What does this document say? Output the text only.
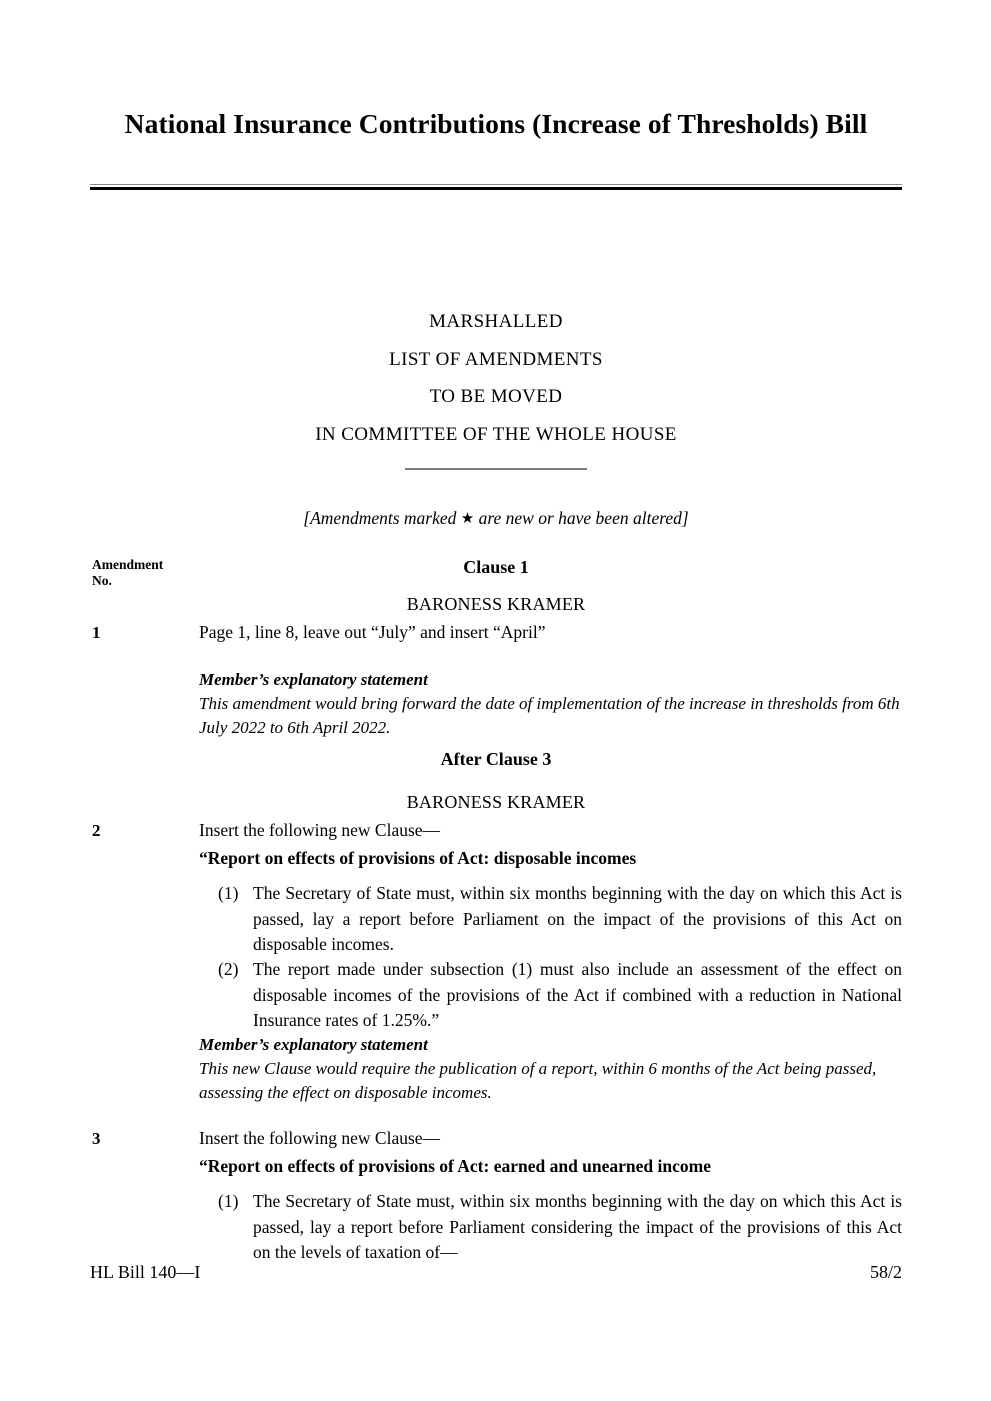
National Insurance Contributions (Increase of Thresholds) Bill
MARSHALLED
LIST OF AMENDMENTS
TO BE MOVED
IN COMMITTEE OF THE WHOLE HOUSE
[Amendments marked ★ are new or have been altered]
Amendment
No.
Clause 1
BARONESS KRAMER
1	Page 1, line 8, leave out “July” and insert “April”
Member’s explanatory statement
This amendment would bring forward the date of implementation of the increase in thresholds from 6th July 2022 to 6th April 2022.
After Clause 3
BARONESS KRAMER
2	Insert the following new Clause—
“Report on effects of provisions of Act: disposable incomes
(1) The Secretary of State must, within six months beginning with the day on which this Act is passed, lay a report before Parliament on the impact of the provisions of this Act on disposable incomes.
(2) The report made under subsection (1) must also include an assessment of the effect on disposable incomes of the provisions of the Act if combined with a reduction in National Insurance rates of 1.25%.”
Member’s explanatory statement
This new Clause would require the publication of a report, within 6 months of the Act being passed, assessing the effect on disposable incomes.
3	Insert the following new Clause—
“Report on effects of provisions of Act: earned and unearned income
(1) The Secretary of State must, within six months beginning with the day on which this Act is passed, lay a report before Parliament considering the impact of the provisions of this Act on the levels of taxation of—
HL Bill 140—I	58/2
